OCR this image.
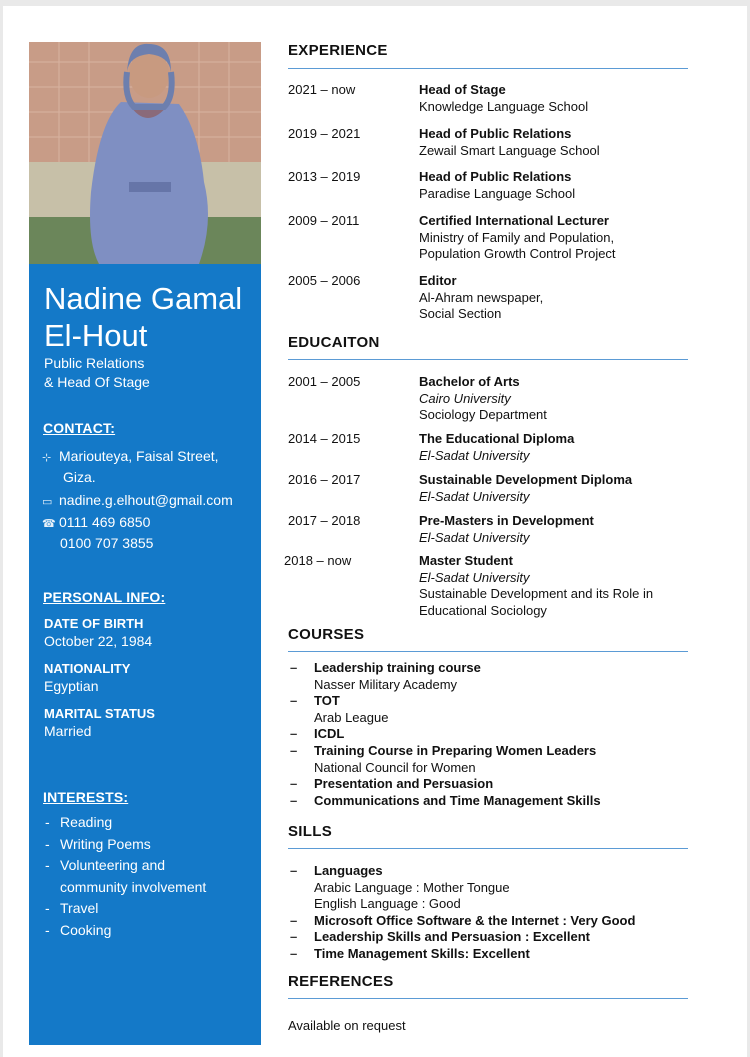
Nadine Gamal
El-Hout
Public Relations
& Head Of Stage
CONTACT:
⊹ Mariouteya, Faisal Street,
Giza.
▭ nadine.g.elhout@gmail.com
☎ 0111 469 6850
0100 707 3855
PERSONAL INFO:
DATE OF BIRTH
October 22, 1984
NATIONALITY
Egyptian
MARITAL STATUS
Married
INTERESTS:
- Reading
- Writing Poems
- Volunteering and
community involvement
- Travel
- Cooking
EXPERIENCE
2021 – now	Head of Stage
Knowledge Language School
2019 – 2021	Head of Public Relations
Zewail Smart Language School
2013 – 2019	Head of Public Relations
Paradise Language School
2009 – 2011	Certified International Lecturer
Ministry of Family and Population,
Population Growth Control Project
2005 – 2006	Editor
Al-Ahram newspaper,
Social Section
EDUCAITON
2001 – 2005	Bachelor of Arts
Cairo University
Sociology Department
2014 – 2015	The Educational Diploma
El-Sadat University
2016 – 2017	Sustainable Development Diploma
El-Sadat University
2017 – 2018	Pre-Masters in Development
El-Sadat University
2018 – now	Master Student
El-Sadat University
Sustainable Development and its Role in
Educational Sociology
COURSES
– Leadership training course
Nasser Military Academy
– TOT
Arab League
– ICDL
– Training Course in Preparing Women Leaders
National Council for Women
– Presentation and Persuasion
– Communications and Time Management Skills
SILLS
– Languages
Arabic Language : Mother Tongue
English Language : Good
– Microsoft Office Software & the Internet : Very Good
– Leadership Skills and Persuasion : Excellent
– Time Management Skills: Excellent
REFERENCES
Available on request
